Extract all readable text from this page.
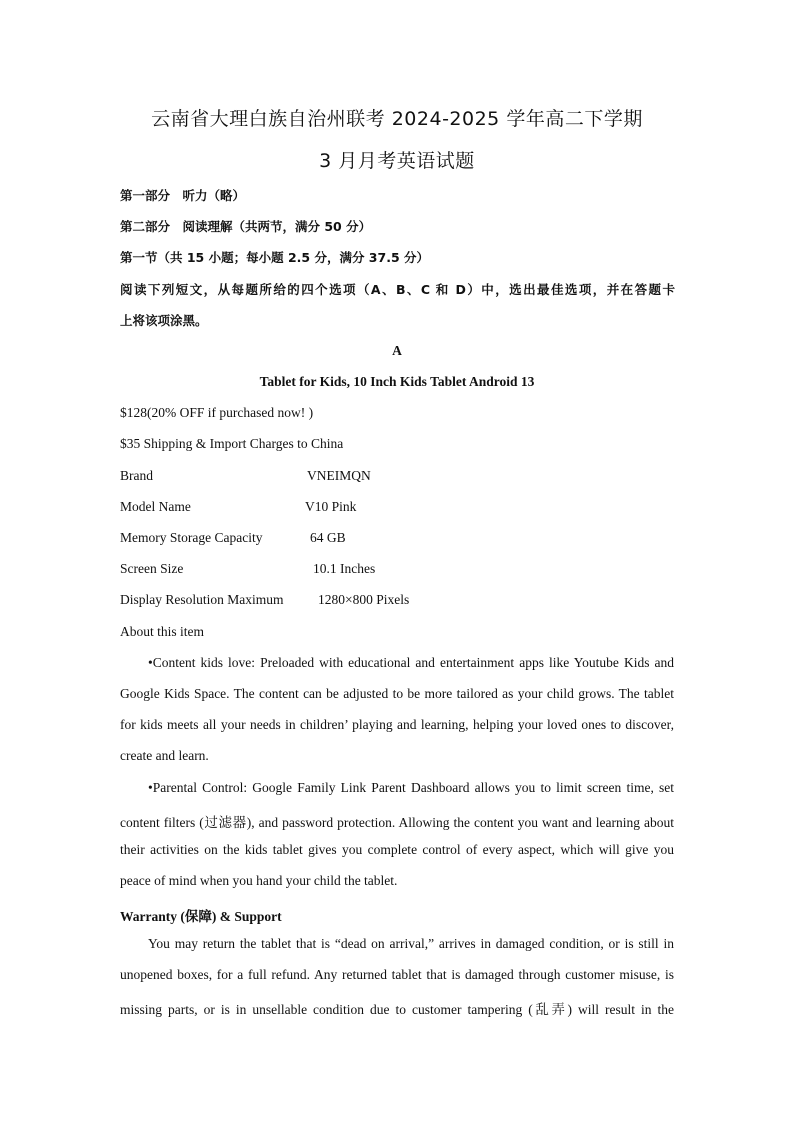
云南省大理白族自治州联考 2024-2025 学年高二下学期
3 月月考英语试题
第一部分　听力（略）
第二部分　阅读理解（共两节，满分 50 分）
第一节（共 15 小题；每小题 2.5 分，满分 37.5 分）
阅读下列短文，从每题所给的四个选项（A、B、C 和 D）中，选出最佳选项，并在答题卡
上将该项涂黑。
A
Tablet for Kids, 10 Inch Kids Tablet Android 13
$128(20% OFF if purchased now! )
$35 Shipping & Import Charges to China
Brand	VNEIMQN
Model Name	V10 Pink
Memory Storage Capacity	64 GB
Screen Size	10.1 Inches
Display Resolution Maximum	1280×800 Pixels
About this item
•Content kids love: Preloaded with educational and entertainment apps like Youtube Kids and
Google Kids Space. The content can be adjusted to be more tailored as your child grows. The tablet
for kids meets all your needs in children’ playing and learning, helping your loved ones to discover,
create and learn.
•Parental Control: Google Family Link Parent Dashboard allows you to limit screen time, set
content filters (过滤器), and password protection. Allowing the content you want and learning about
their activities on the kids tablet gives you complete control of every aspect, which will give you
peace of mind when you hand your child the tablet.
Warranty (保障) & Support
You may return the tablet that is “dead on arrival,” arrives in damaged condition, or is still in
unopened boxes, for a full refund. Any returned tablet that is damaged through customer misuse, is
missing parts, or is in unsellable condition due to customer tampering (乱弄) will result in the
